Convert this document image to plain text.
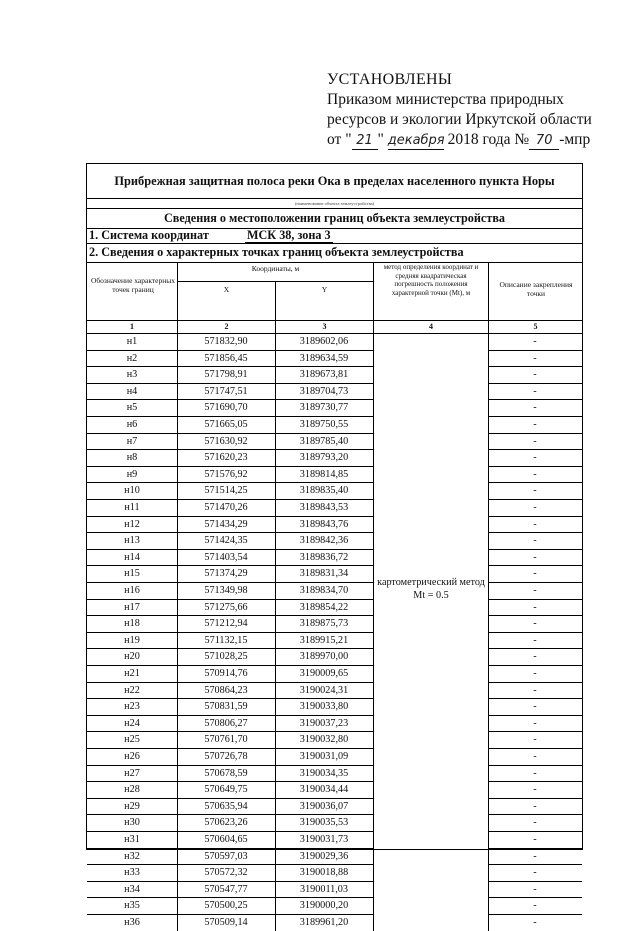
УСТАНОВЛЕНЫ
Приказом министерства природных
ресурсов и экологии Иркутской области
от " 21 " декабря 2018 года № 70 -мпр
Прибрежная защитная полоса реки Ока в пределах населенного пункта Норы
(наименование объекта землеустройства)
Сведения о местоположении границ объекта землеустройства
1. Система координат	МСК 38, зона 3
2. Сведения о характерных точках границ объекта землеустройства
Обозначение характерных точек границ
Координаты, м
X	Y
метод определения координат и средняя квадратическая погрешность положения характерной точки (Мt), м
Описание закрепления точки
1	2	3	4	5
картометрический метод Mt = 0.5
н1	571832,90	3189602,06	-
н2	571856,45	3189634,59	-
н3	571798,91	3189673,81	-
н4	571747,51	3189704,73	-
н5	571690,70	3189730,77	-
н6	571665,05	3189750,55	-
н7	571630,92	3189785,40	-
н8	571620,23	3189793,20	-
н9	571576,92	3189814,85	-
н10	571514,25	3189835,40	-
н11	571470,26	3189843,53	-
н12	571434,29	3189843,76	-
н13	571424,35	3189842,36	-
н14	571403,54	3189836,72	-
н15	571374,29	3189831,34	-
н16	571349,98	3189834,70	-
н17	571275,66	3189854,22	-
н18	571212,94	3189875,73	-
н19	571132,15	3189915,21	-
н20	571028,25	3189970,00	-
н21	570914,76	3190009,65	-
н22	570864,23	3190024,31	-
н23	570831,59	3190033,80	-
н24	570806,27	3190037,23	-
н25	570761,70	3190032,80	-
н26	570726,78	3190031,09	-
н27	570678,59	3190034,35	-
н28	570649,75	3190034,44	-
н29	570635,94	3190036,07	-
н30	570623,26	3190035,53	-
н31	570604,65	3190031,73	-
н32	570597,03	3190029,36	-
н33	570572,32	3190018,88	-
н34	570547,77	3190011,03	-
н35	570500,25	3190000,20	-
н36	570509,14	3189961,20	-
